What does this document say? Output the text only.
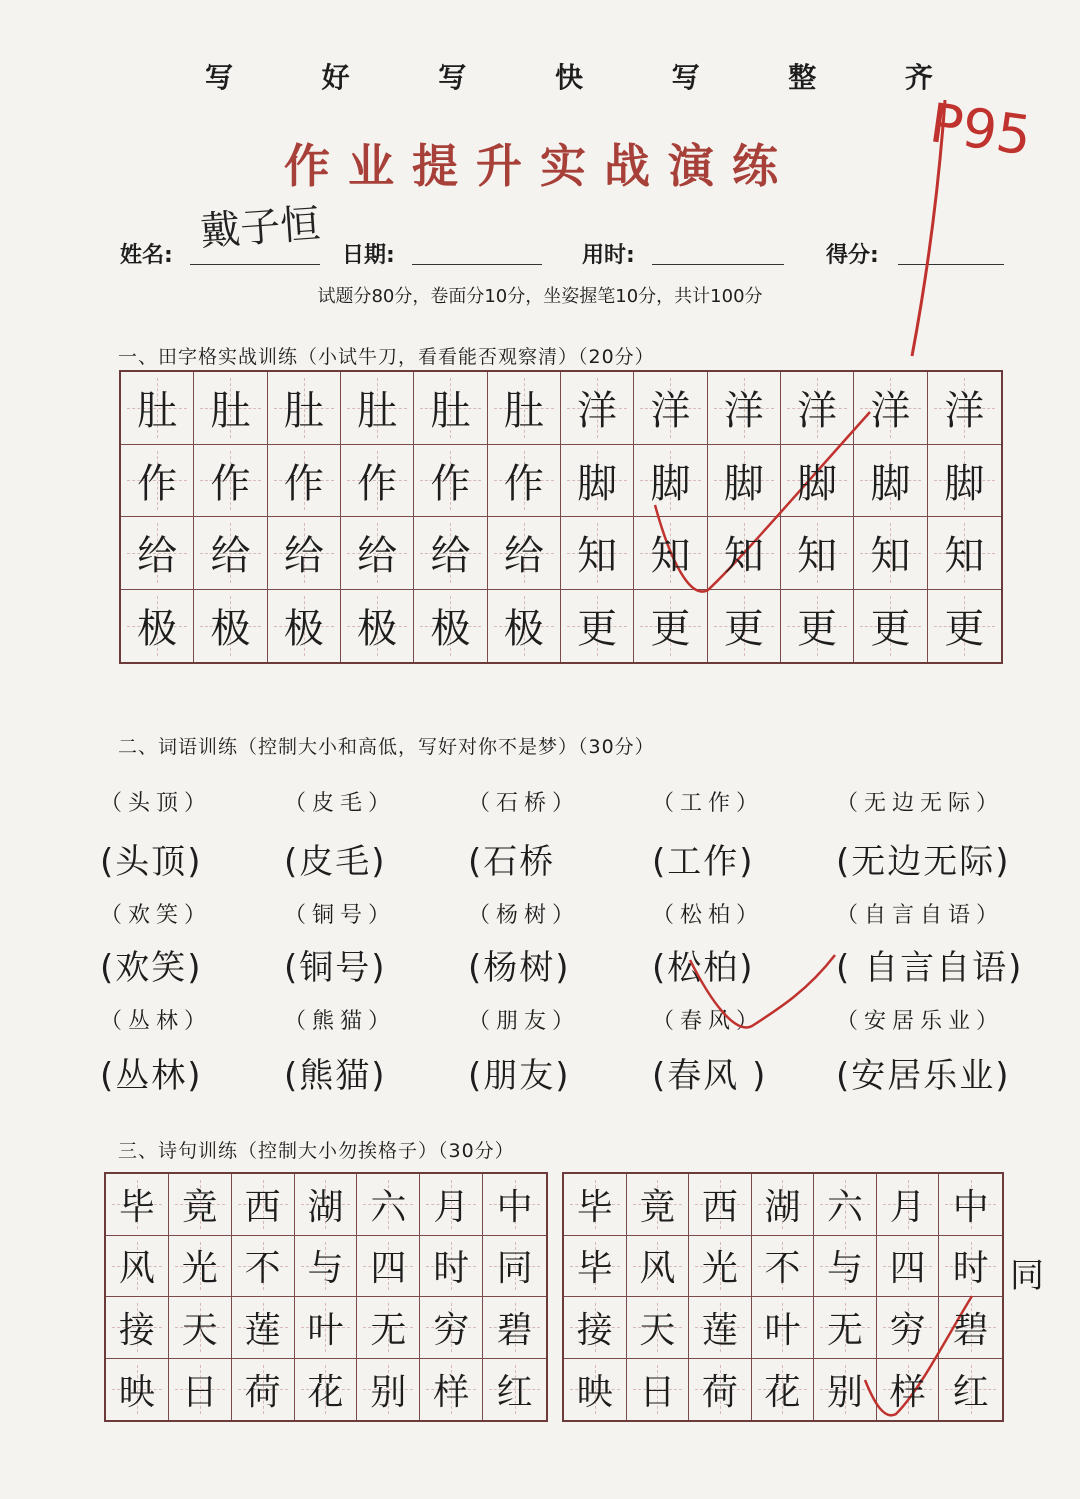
写	好	写	快	写	整	齐
作业提升实战演练
戴子恒
姓名:	日期:	用时:	得分:
试题分80分，卷面分10分，坐姿握笔10分，共计100分
一、田字格实战训练（小试牛刀，看看能否观察清）（20分）
肚 肚 肚 肚 肚 肚 洋 洋 洋 洋 洋 洋
作 作 作 作 作 作 脚 脚 脚 脚 脚 脚
给 给 给 给 给 给 知 知 知 知 知 知
极 极 极 极 极 极 更 更 更 更 更 更
二、词语训练（控制大小和高低，写好对你不是梦）（30分）
（头顶）	（皮毛）	（石桥）	（工作）	（无边无际）
(头顶)	(皮毛)	(石桥	(工作)	(无边无际)
（欢笑）	（铜号）	（杨树）	（松柏）	（自言自语）
(欢笑)	(铜号)	(杨树)	(松柏)	( 自言自语)
（丛林）	（熊猫）	（朋友）	（春风）	（安居乐业）
(丛林)	(熊猫)	(朋友)	(春风 )	(安居乐业)
三、诗句训练（控制大小勿挨格子）（30分）
毕 竟 西 湖 六 月 中
风 光 不 与 四 时 同
接 天 莲 叶 无 穷 碧
映 日 荷 花 别 样 红
毕 竟 西 湖 六 月 中
毕 风 光 不 与 四 时
接 天 莲 叶 无 穷 碧
映 日 荷 花 别 样 红
同
P95
